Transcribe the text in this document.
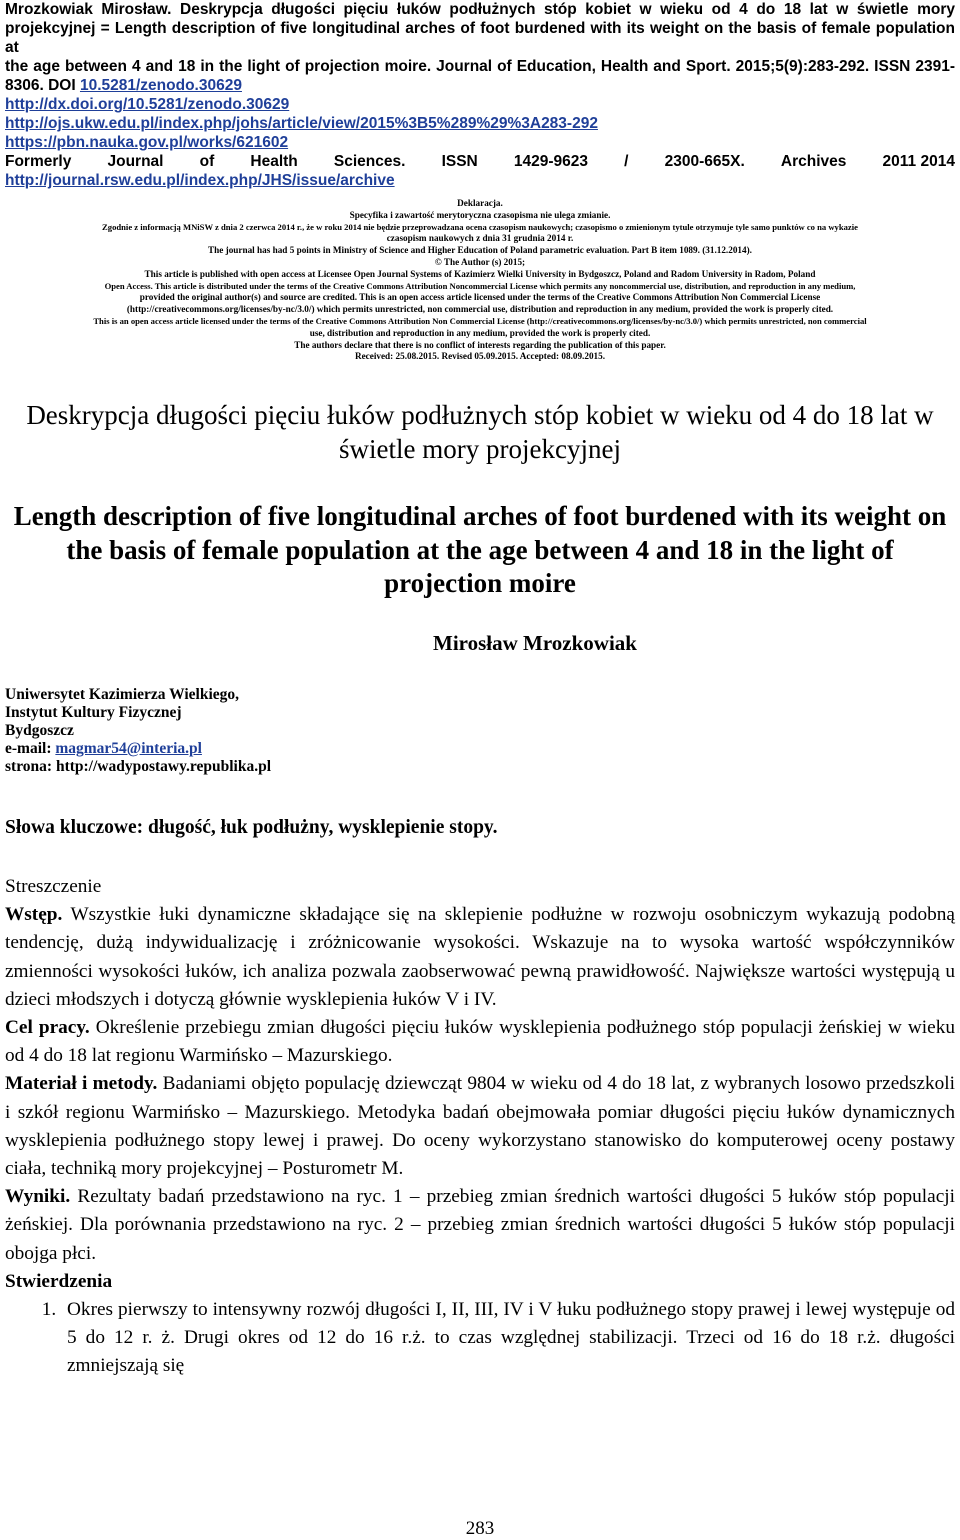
Mrozkowiak Mirosław. Deskrypcja długości pięciu łuków podłużnych stóp kobiet w wieku od 4 do 18 lat w świetle mory
projekcyjnej = Length description of five longitudinal arches of foot burdened with its weight on the basis of female population at
the age between 4 and 18 in the light of projection moire. Journal of Education, Health and Sport. 2015;5(9):283-292. ISSN 2391-
8306. DOI 10.5281/zenodo.30629
http://dx.doi.org/10.5281/zenodo.30629
http://ojs.ukw.edu.pl/index.php/johs/article/view/2015%3B5%289%29%3A283-292
https://pbn.nauka.gov.pl/works/621602
Formerly Journal of Health Sciences. ISSN 1429-9623 / 2300-665X. Archives 2011 2014
http://journal.rsw.edu.pl/index.php/JHS/issue/archive
Deklaracja.
Specyfika i zawartość merytoryczna czasopisma nie ulega zmianie.
Zgodnie z informacją MNiSW z dnia 2 czerwca 2014 r., że w roku 2014 nie będzie przeprowadzana ocena czasopism naukowych; czasopismo o zmienionym tytule otrzymuje tyle samo punktów co na wykazie
czasopism naukowych z dnia 31 grudnia 2014 r.
The journal has had 5 points in Ministry of Science and Higher Education of Poland parametric evaluation. Part B item 1089. (31.12.2014).
© The Author (s) 2015;
This article is published with open access at Licensee Open Journal Systems of Kazimierz Wielki University in Bydgoszcz, Poland and Radom University in Radom, Poland
Open Access. This article is distributed under the terms of the Creative Commons Attribution Noncommercial License which permits any noncommercial use, distribution, and reproduction in any medium,
provided the original author(s) and source are credited. This is an open access article licensed under the terms of the Creative Commons Attribution Non Commercial License
(http://creativecommons.org/licenses/by-nc/3.0/) which permits unrestricted, non commercial use, distribution and reproduction in any medium, provided the work is properly cited.
This is an open access article licensed under the terms of the Creative Commons Attribution Non Commercial License (http://creativecommons.org/licenses/by-nc/3.0/) which permits unrestricted, non commercial
use, distribution and reproduction in any medium, provided the work is properly cited.
The authors declare that there is no conflict of interests regarding the publication of this paper.
Received: 25.08.2015. Revised 05.09.2015. Accepted: 08.09.2015.
Deskrypcja długości pięciu łuków podłużnych stóp kobiet w wieku od 4 do 18 lat w świetle mory projekcyjnej
Length description of five longitudinal arches of foot burdened with its weight on the basis of female population at the age between 4 and 18 in the light of projection moire
Mirosław Mrozkowiak
Uniwersytet Kazimierza Wielkiego,
Instytut Kultury Fizycznej
Bydgoszcz
e-mail: magmar54@interia.pl
strona: http://wadypostawy.republika.pl
Słowa kluczowe: długość, łuk podłużny, wysklepienie stopy.
Streszczenie

Wstęp. Wszystkie łuki dynamiczne składające się na sklepienie podłużne w rozwoju osobniczym wykazują podobną tendencję, dużą indywidualizację i zróżnicowanie wysokości. Wskazuje na to wysoka wartość współczynników zmienności wysokości łuków, ich analiza pozwala zaobserwować pewną prawidłowość. Największe wartości występują u dzieci młodszych i dotyczą głównie wysklepienia łuków V i IV.

Cel pracy. Określenie przebiegu zmian długości pięciu łuków wysklepienia podłużnego stóp populacji żeńskiej w wieku od 4 do 18 lat regionu Warmińsko – Mazurskiego.

Materiał i metody. Badaniami objęto populację dziewcząt 9804 w wieku od 4 do 18 lat, z wybranych losowo przedszkoli i szkół regionu Warmińsko – Mazurskiego. Metodyka badań obejmowała pomiar długości pięciu łuków dynamicznych wysklepienia podłużnego stopy lewej i prawej. Do oceny wykorzystano stanowisko do komputerowej oceny postawy ciała, techniką mory projekcyjnej – Posturometr M.

Wyniki. Rezultaty badań przedstawiono na ryc. 1 – przebieg zmian średnich wartości długości 5 łuków stóp populacji żeńskiej. Dla porównania przedstawiono na ryc. 2 – przebieg zmian średnich wartości długości 5 łuków stóp populacji obojga płci.

Stwierdzenia
1. Okres pierwszy to intensywny rozwój długości I, II, III, IV i V łuku podłużnego stopy prawej i lewej występuje od 5 do 12 r. ż. Drugi okres od 12 do 16 r.ż. to czas względnej stabilizacji. Trzeci od 16 do 18 r.ż. długości zmniejszają się
283
